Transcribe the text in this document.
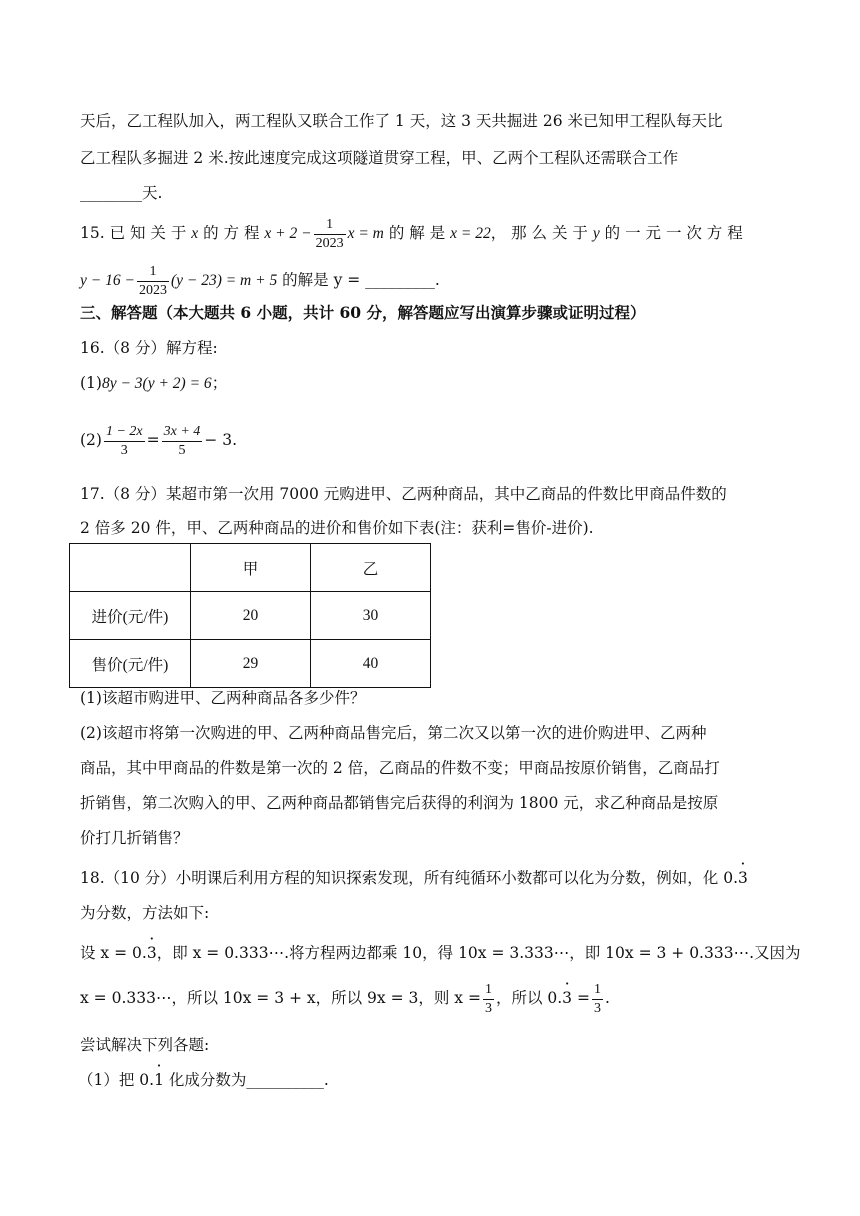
天后，乙工程队加入，两工程队又联合工作了 1 天，这 3 天共掘进 26 米已知甲工程队每天比
乙工程队多掘进 2 米.按此速度完成这项隧道贯穿工程，甲、乙两个工程队还需联合工作
________天.
15. 已 知 关 于 x 的 方 程 $x + 2 - \frac{1}{2023}$ x = m 的 解 是 x = 22， 那 么 关 于 y 的 一 元 一 次 方 程
$y - 16 - \frac{1}{2023} (y - 23) = m + 5$ 的解是 y = _________.
三、解答题（本大题共 6 小题，共计 60 分，解答题应写出演算步骤或证明过程）
16.（8 分）解方程:
(1)8y − 3(y + 2) = 6；
$(2) \frac{1 - 2x}{3} = \frac{3x + 4}{5} - 3$.
17.（8 分）某超市第一次用 7000 元购进甲、乙两种商品，其中乙商品的件数比甲商品件数的
2 倍多 20 件，甲、乙两种商品的进价和售价如下表(注：获利=售价-进价).
	甲	乙
进价(元/件)	20	30
售价(元/件)	29	40
(1)该超市购进甲、乙两种商品各多少件？
(2)该超市将第一次购进的甲、乙两种商品售完后，第二次又以第一次的进价购进甲、乙两种
商品，其中甲商品的件数是第一次的 2 倍，乙商品的件数不变；甲商品按原价销售，乙商品打
折销售，第二次购入的甲、乙两种商品都销售完后获得的利润为 1800 元，求乙种商品是按原
价打几折销售？
18.（10 分）小明课后利用方程的知识探索发现，所有纯循环小数都可以化为分数，例如，化 0.3 ·
为分数，方法如下:
设 x = 0.3 ·，即 x = 0.333⋯.将方程两边都乘 10，得 10x = 3.333⋯，即 10x = 3 + 0.333⋯.又因为
x = 0.333⋯，所以 10x = 3 + x，所以 9x = 3，则 $x = \frac{1}{3}$ ，所以 0.3 · = $\frac{1}{3}$ .
尝试解决下列各题:
（1）把 0.1 · 化成分数为__________.
